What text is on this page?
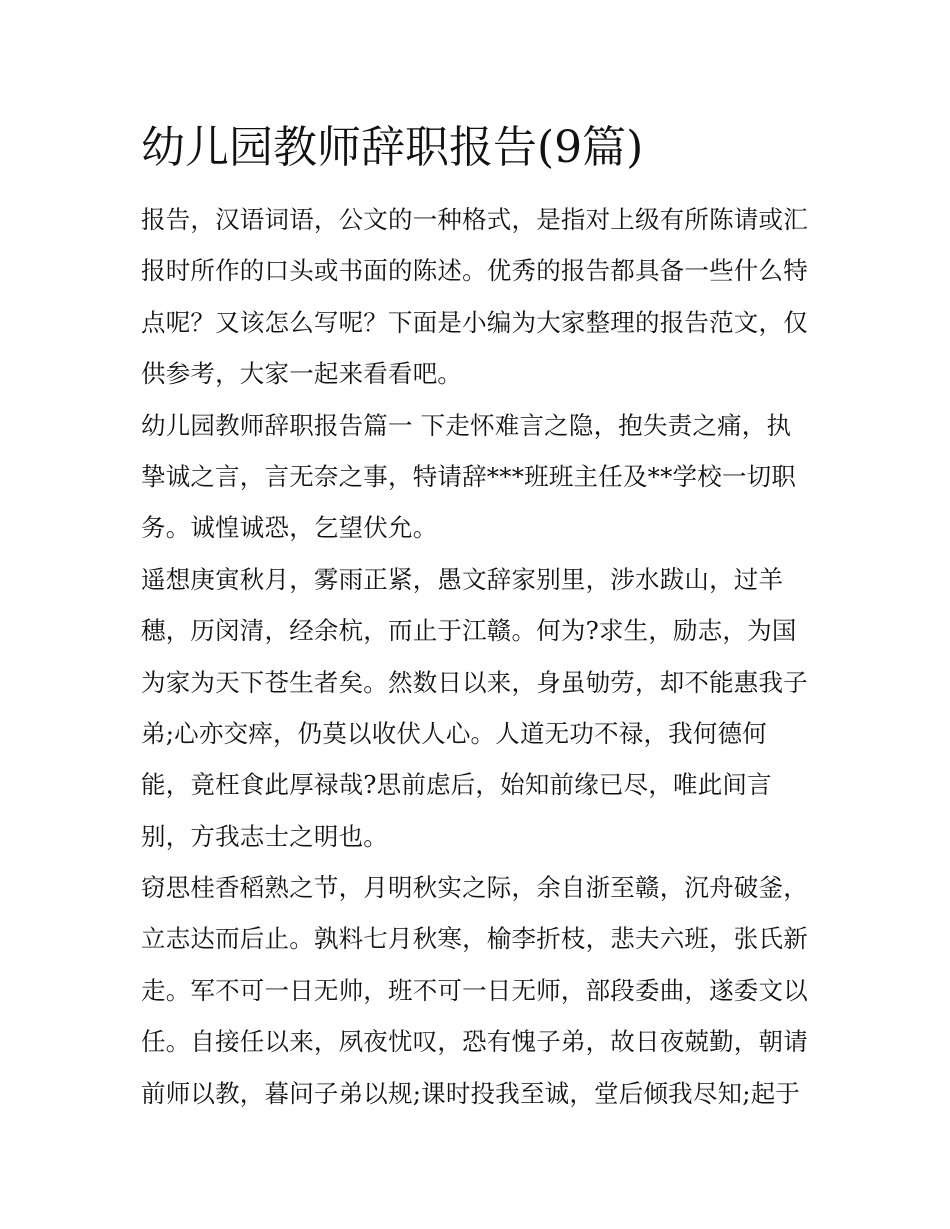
幼儿园教师辞职报告(9篇)
报告，汉语词语，公文的一种格式，是指对上级有所陈请或汇
报时所作的口头或书面的陈述。优秀的报告都具备一些什么特
点呢？又该怎么写呢？下面是小编为大家整理的报告范文，仅
供参考，大家一起来看看吧。
幼儿园教师辞职报告篇一 下走怀难言之隐，抱失责之痛，执
挚诚之言，言无奈之事，特请辞***班班主任及**学校一切职
务。诚惶诚恐，乞望伏允。
遥想庚寅秋月，雾雨正紧，愚文辞家别里，涉水跋山，过羊
穗，历闵清，经余杭，而止于江赣。何为?求生，励志，为国
为家为天下苍生者矣。然数日以来，身虽劬劳，却不能惠我子
弟;心亦交瘁，仍莫以收伏人心。人道无功不禄，我何德何
能，竟枉食此厚禄哉?思前虑后，始知前缘已尽，唯此间言
别，方我志士之明也。
窃思桂香稻熟之节，月明秋实之际，余自浙至赣，沉舟破釜，
立志达而后止。孰料七月秋寒，榆李折枝，悲夫六班，张氏新
走。军不可一日无帅，班不可一日无师，部段委曲，遂委文以
任。自接任以来，夙夜忧叹，恐有愧子弟，故日夜兢勤，朝请
前师以教，暮问子弟以规;课时投我至诚，堂后倾我尽知;起于
